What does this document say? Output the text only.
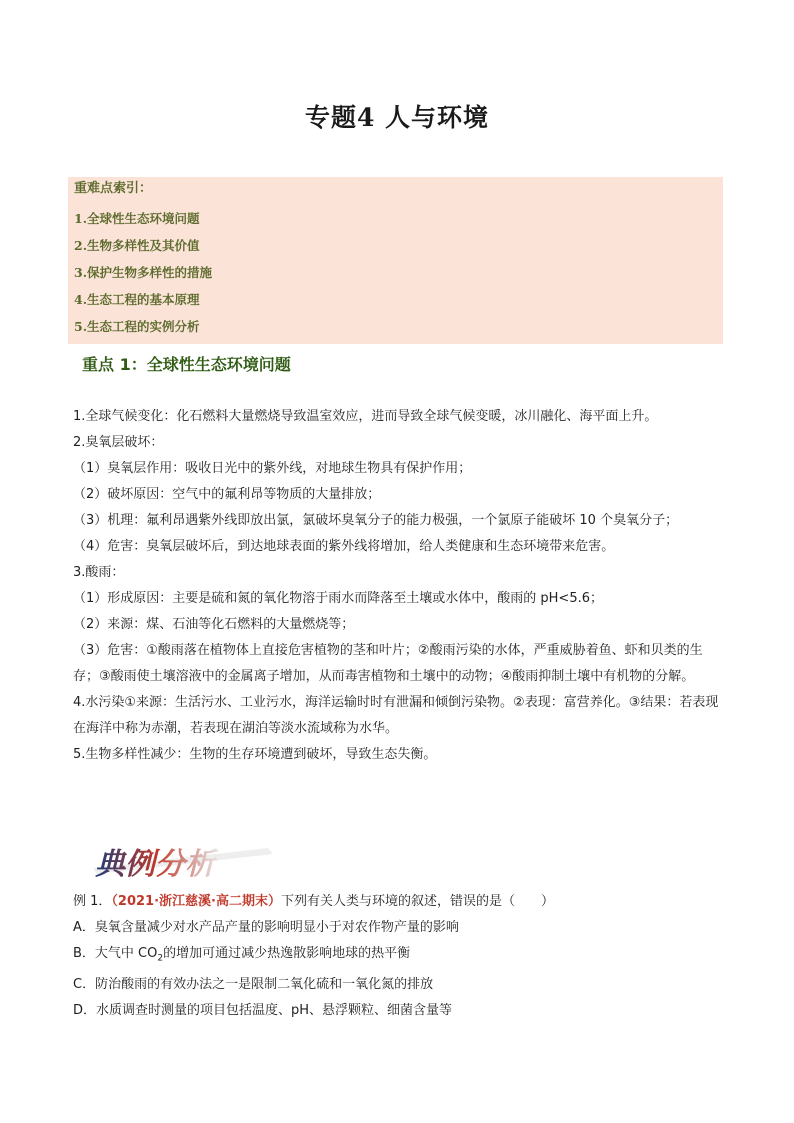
专题4 人与环境
重难点索引：
1.全球性生态环境问题
2.生物多样性及其价值
3.保护生物多样性的措施
4.生态工程的基本原理
5.生态工程的实例分析
重点 1：全球性生态环境问题

1.全球气候变化：化石燃料大量燃烧导致温室效应，进而导致全球气候变暖，冰川融化、海平面上升。

2.臭氧层破坏：

（1）臭氧层作用：吸收日光中的紫外线，对地球生物具有保护作用；

（2）破坏原因：空气中的氟利昂等物质的大量排放；

（3）机理：氟利昂遇紫外线即放出氯，氯破坏臭氧分子的能力极强，一个氯原子能破坏 10 个臭氧分子；

（4）危害：臭氧层破坏后，到达地球表面的紫外线将增加，给人类健康和生态环境带来危害。

3.酸雨：

（1）形成原因：主要是硫和氮的氧化物溶于雨水而降落至土壤或水体中，酸雨的 pH<5.6；

（2）来源：煤、石油等化石燃料的大量燃烧等；

（3）危害：①酸雨落在植物体上直接危害植物的茎和叶片；②酸雨污染的水体，严重威胁着鱼、虾和贝类的生存；③酸雨使土壤溶液中的金属离子增加，从而毒害植物和土壤中的动物；④酸雨抑制土壤中有机物的分解。

4.水污染①来源：生活污水、工业污水，海洋运输时时有泄漏和倾倒污染物。②表现：富营养化。③结果：若表现在海洋中称为赤潮，若表现在湖泊等淡水流域称为水华。

5.生物多样性减少：生物的生存环境遭到破坏，导致生态失衡。

典例分析

例 1．（2021·浙江慈溪·高二期末）下列有关人类与环境的叙述，错误的是（　　）

A．臭氧含量减少对水产品产量的影响明显小于对农作物产量的影响

B．大气中 $CO_2$的增加可通过减少热逸散影响地球的热平衡

C．防治酸雨的有效办法之一是限制二氧化硫和一氧化氮的排放

D．水质调查时测量的项目包括温度、pH、悬浮颗粒、细菌含量等
